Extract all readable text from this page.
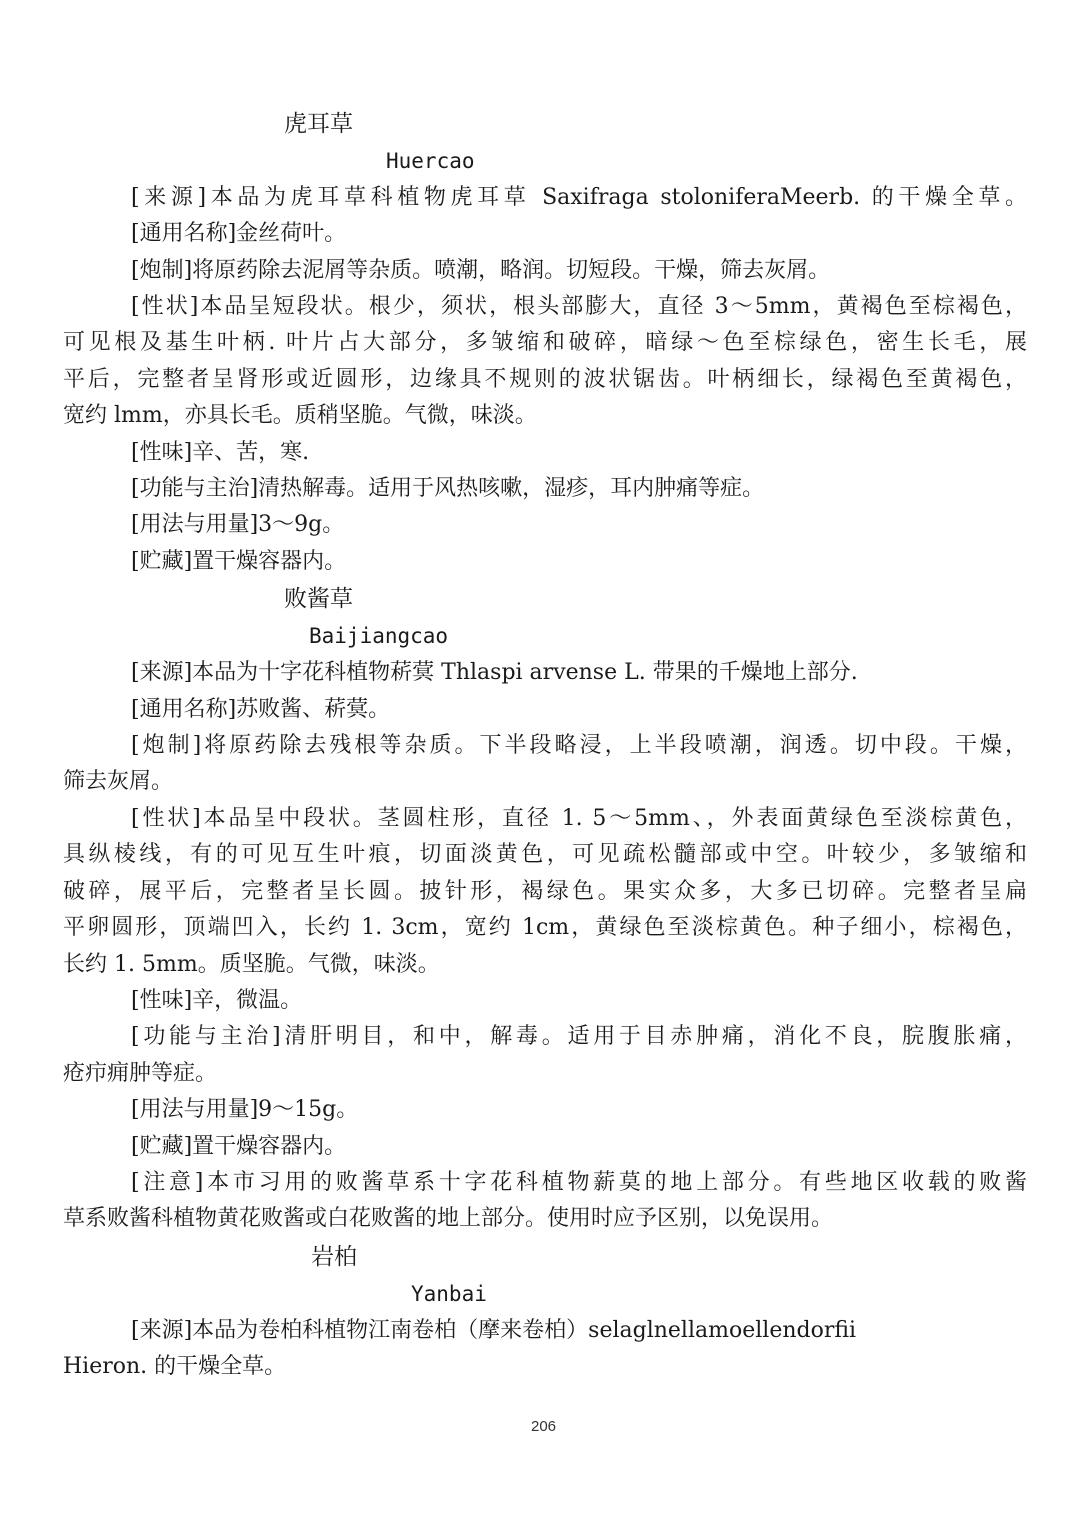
虎耳草
Huercao
[来源]本品为虎耳草科植物虎耳草 Saxifraga stoloniferaMeerb. 的干燥全草。
[通用名称]金丝荷叶。
[炮制]将原药除去泥屑等杂质。喷潮，略润。切短段。干燥，筛去灰屑。
[性状]本品呈短段状。根少，须状，根头部膨大，直径 3～5mm，黄褐色至棕褐色，
可见根及基生叶柄. 叶片占大部分，多皱缩和破碎，暗绿～色至棕绿色，密生长毛，展
平后，完整者呈肾形或近圆形，边缘具不规则的波状锯齿。叶柄细长，绿褐色至黄褐色，
宽约 lmm，亦具长毛。质稍坚脆。气微，味淡。
[性味]辛、苦，寒.
[功能与主治]清热解毒。适用于风热咳嗽，湿疹，耳内肿痛等症。
[用法与用量]3～9g。
[贮藏]置干燥容器内。
败酱草
Baijiangcao
[来源]本品为十字花科植物菥蓂 Thlaspi arvense L. 带果的千燥地上部分.
[通用名称]苏败酱、菥蓂。
[炮制]将原药除去残根等杂质。下半段略浸，上半段喷潮，润透。切中段。干燥，
筛去灰屑。
[性状]本品呈中段状。茎圆柱形，直径 1. 5～5mm、，外表面黄绿色至淡棕黄色，
具纵棱线，有的可见互生叶痕，切面淡黄色，可见疏松髓部或中空。叶较少，多皱缩和
破碎，展平后，完整者呈长圆。披针形，褐绿色。果实众多，大多已切碎。完整者呈扁
平卵圆形，顶端凹入，长约 1. 3cm，宽约 1cm，黄绿色至淡棕黄色。种子细小，棕褐色，
长约 1. 5mm。质坚脆。气微，味淡。
[性味]辛，微温。
[功能与主治]清肝明目，和中，解毒。适用于目赤肿痛，消化不良，脘腹胀痛，
疮疖痈肿等症。
[用法与用量]9～15g。
[贮藏]置干燥容器内。
[注意]本市习用的败酱草系十字花科植物薪莫的地上部分。有些地区收载的败酱
草系败酱科植物黄花败酱或白花败酱的地上部分。使用时应予区别，以免误用。
岩柏
Yanbai
[来源]本品为卷柏科植物江南卷柏（摩来卷柏）selaglnellamoellendorfii
Hieron. 的干燥全草。
206
